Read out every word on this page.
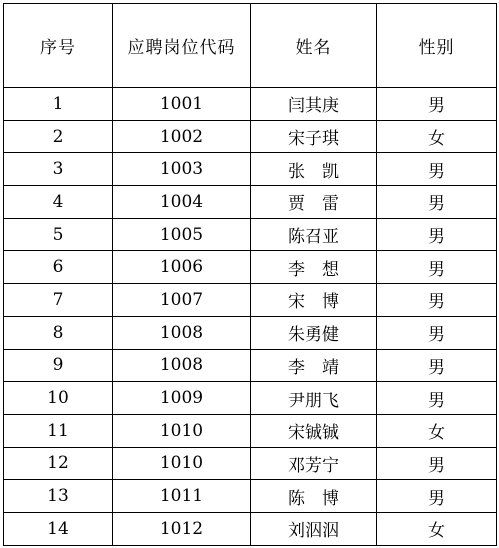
序号	应聘岗位代码	姓名	性别
1	1001	闫其庚	男
2	1002	宋子琪	女
3	1003	张　凯	男
4	1004	贾　雷	男
5	1005	陈召亚	男
6	1006	李　想	男
7	1007	宋　博	男
8	1008	朱勇健	男
9	1008	李　靖	男
10	1009	尹朋飞	男
11	1010	宋铖铖	女
12	1010	邓芳宁	男
13	1011	陈　博	男
14	1012	刘泅泅	女
